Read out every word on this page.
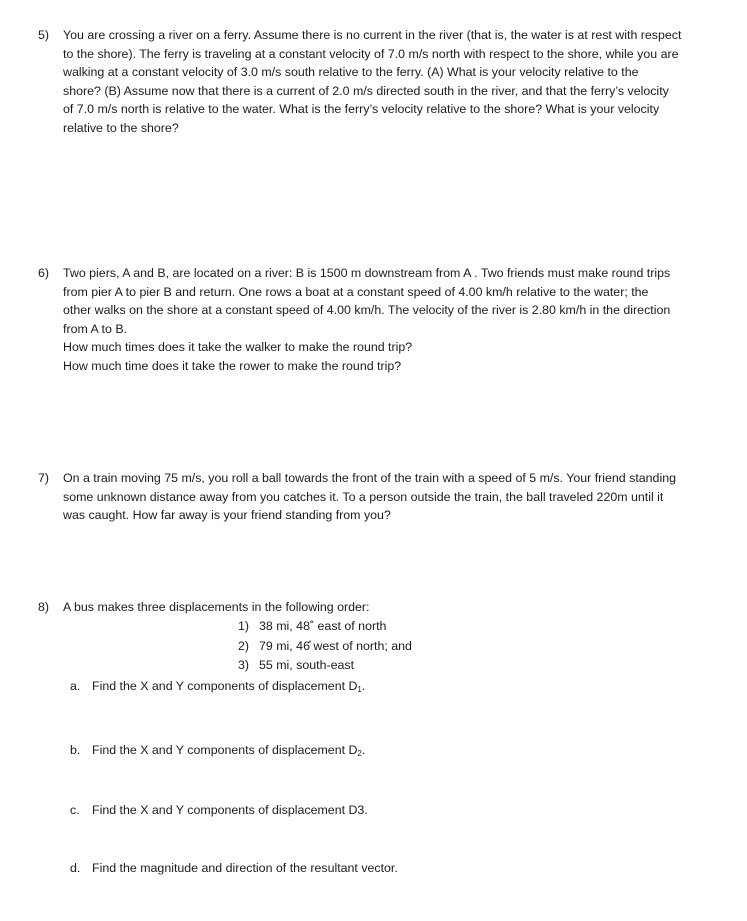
5) You are crossing a river on a ferry. Assume there is no current in the river (that is, the water is at rest with respect
to the shore). The ferry is traveling at a constant velocity of 7.0 m/s north with respect to the shore, while you are
walking at a constant velocity of 3.0 m/s south relative to the ferry. (A) What is your velocity relative to the
shore? (B) Assume now that there is a current of 2.0 m/s directed south in the river, and that the ferry’s velocity
of 7.0 m/s north is relative to the water. What is the ferry’s velocity relative to the shore? What is your velocity
relative to the shore?

6) Two piers, A and B, are located on a river: B is 1500 m downstream from A . Two friends must make round trips
from pier A to pier B and return. One rows a boat at a constant speed of 4.00 km/h relative to the water; the
other walks on the shore at a constant speed of 4.00 km/h. The velocity of the river is 2.80 km/h in the direction
from A to B.
How much times does it take the walker to make the round trip?
How much time does it take the rower to make the round trip?

7) On a train moving 75 m/s, you roll a ball towards the front of the train with a speed of 5 m/s. Your friend standing
some unknown distance away from you catches it. To a person outside the train, the ball traveled 220m until it
was caught. How far away is your friend standing from you?

8) A bus makes three displacements in the following order:

1) 38 mi, 48˚ east of north
2) 79 mi, 46̊ west of north; and
3) 55 mi, south-east
a. Find the X and Y components of displacement $D_1$.
b. Find the X and Y components of displacement $D_2$.
c. Find the X and Y components of displacement D3.
d. Find the magnitude and direction of the resultant vector.
